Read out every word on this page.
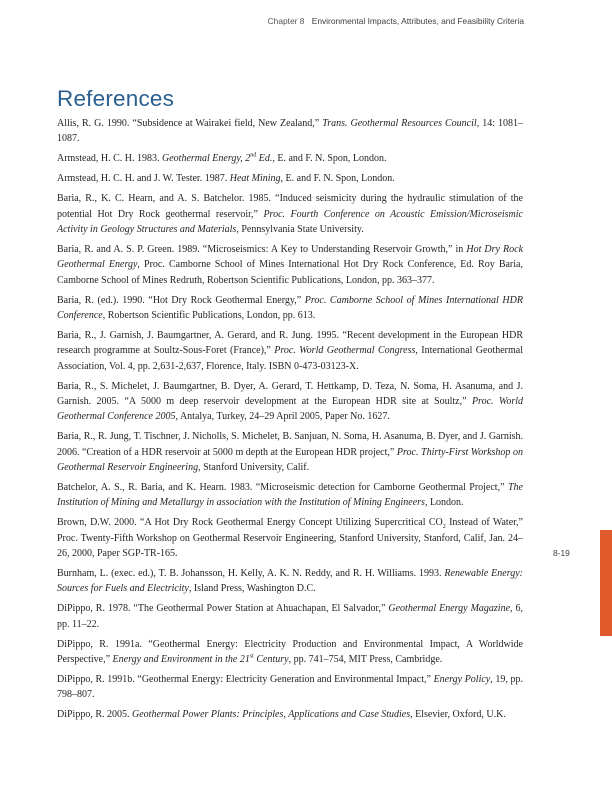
Chapter 8 Environmental Impacts, Attributes, and Feasibility Criteria
References
Allis, R. G. 1990. “Subsidence at Wairakei field, New Zealand,” Trans. Geothermal Resources Council, 14: 1081–1087.
Armstead, H. C. H. 1983. Geothermal Energy, 2nd Ed., E. and F. N. Spon, London.
Armstead, H. C. H. and J. W. Tester. 1987. Heat Mining, E. and F. N. Spon, London.
Baria, R., K. C. Hearn, and A. S. Batchelor. 1985. “Induced seismicity during the hydraulic stimulation of the potential Hot Dry Rock geothermal reservoir,” Proc. Fourth Conference on Acoustic Emission/Microseismic Activity in Geology Structures and Materials, Pennsylvania State University.
Baria, R. and A. S. P. Green. 1989. “Microseismics: A Key to Understanding Reservoir Growth,” in Hot Dry Rock Geothermal Energy, Proc. Camborne School of Mines International Hot Dry Rock Conference, Ed. Roy Baria, Camborne School of Mines Redruth, Robertson Scientific Publications, London, pp. 363–377.
Baria, R. (ed.). 1990. “Hot Dry Rock Geothermal Energy,” Proc. Camborne School of Mines International HDR Conference, Robertson Scientific Publications, London, pp. 613.
Baria, R., J. Garnish, J. Baumgartner, A. Gerard, and R. Jung. 1995. “Recent development in the European HDR research programme at Soultz-Sous-Foret (France),” Proc. World Geothermal Congress, International Geothermal Association, Vol. 4, pp. 2,631-2,637, Florence, Italy. ISBN 0-473-03123-X.
Baria, R., S. Michelet, J. Baumgartner, B. Dyer, A. Gerard, T. Hettkamp, D. Teza, N. Soma, H. Asanuma, and J. Garnish. 2005. “A 5000 m deep reservoir development at the European HDR site at Soultz,” Proc. World Geothermal Conference 2005, Antalya, Turkey, 24–29 April 2005, Paper No. 1627.
Baria, R., R. Jung, T. Tischner, J. Nicholls, S. Michelet, B. Sanjuan, N. Soma, H. Asanuma, B. Dyer, and J. Garnish. 2006. “Creation of a HDR reservoir at 5000 m depth at the European HDR project,” Proc. Thirty-First Workshop on Geothermal Reservoir Engineering, Stanford University, Calif.
Batchelor, A. S., R. Baria, and K. Hearn. 1983. “Microseismic detection for Camborne Geothermal Project,” The Institution of Mining and Metallurgy in association with the Institution of Mining Engineers, London.
Brown, D.W. 2000. “A Hot Dry Rock Geothermal Energy Concept Utilizing Supercritical $CO_2$ Instead of Water,” Proc. Twenty-Fifth Workshop on Geothermal Reservoir Engineering, Stanford University, Stanford, Calif, Jan. 24–26, 2000, Paper SGP-TR-165.
Burnham, L. (exec. ed.), T. B. Johansson, H. Kelly, A. K. N. Reddy, and R. H. Williams. 1993. Renewable Energy: Sources for Fuels and Electricity, Island Press, Washington D.C.
DiPippo, R. 1978. “The Geothermal Power Station at Ahuachapan, El Salvador,” Geothermal Energy Magazine, 6, pp. 11–22.
DiPippo, R. 1991a. “Geothermal Energy: Electricity Production and Environmental Impact, A Worldwide Perspective,” Energy and Environment in the 21st Century, pp. 741–754, MIT Press, Cambridge.
DiPippo, R. 1991b. “Geothermal Energy: Electricity Generation and Environmental Impact,” Energy Policy, 19, pp. 798–807.
DiPippo, R. 2005. Geothermal Power Plants: Principles, Applications and Case Studies, Elsevier, Oxford, U.K.
8-19
